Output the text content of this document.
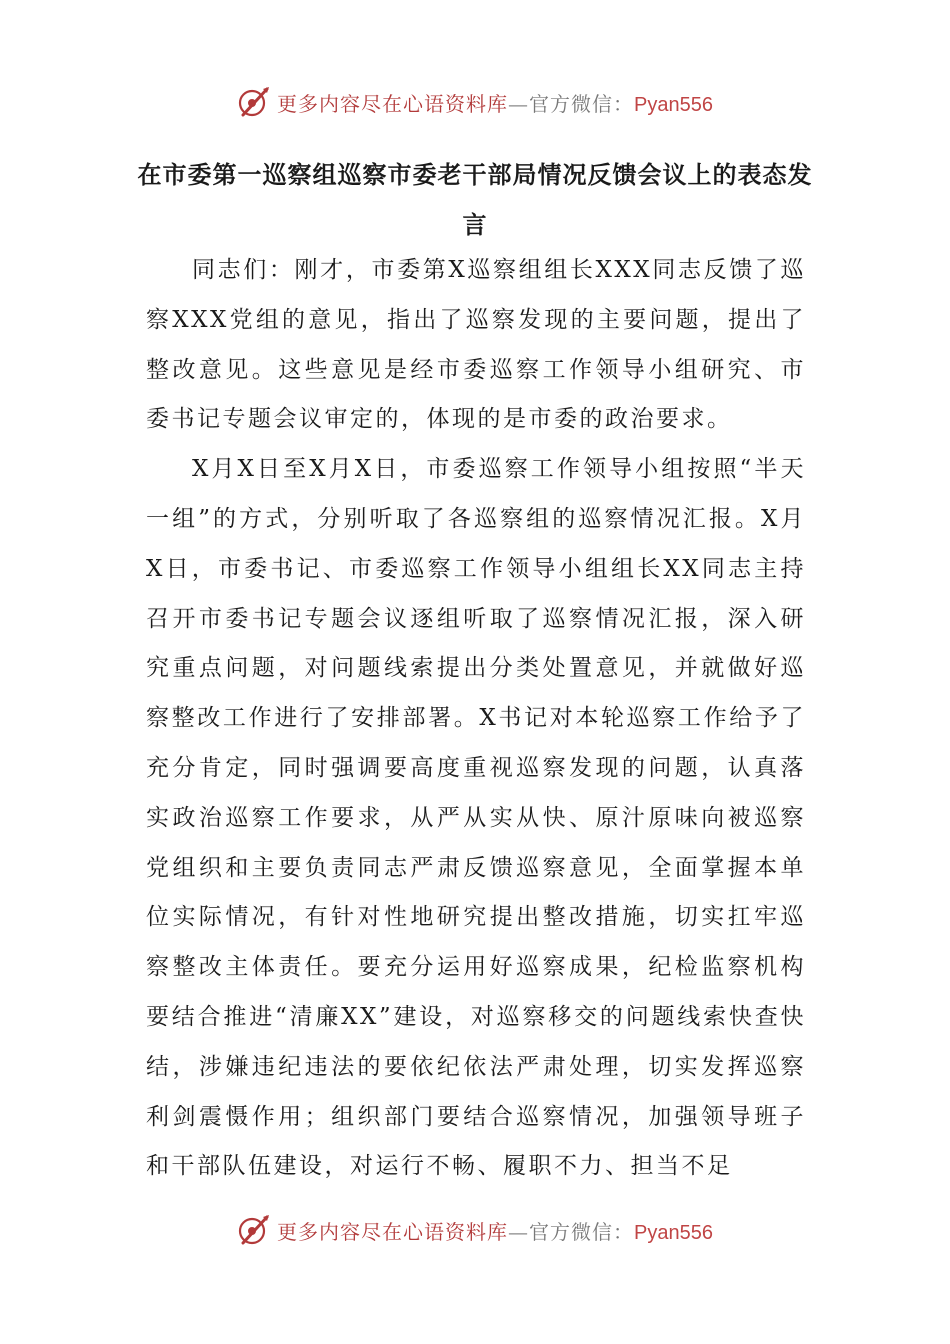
更多内容尽在心语资料库—官方微信：Pyan556
在市委第一巡察组巡察市委老干部局情况反馈会议上的表态发言

同志们：刚才，市委第X巡察组组长XXX同志反馈了巡察XXX党组的意见，指出了巡察发现的主要问题，提出了整改意见。这些意见是经市委巡察工作领导小组研究、市委书记专题会议审定的，体现的是市委的政治要求。

X月X日至X月X日，市委巡察工作领导小组按照“半天一组”的方式，分别听取了各巡察组的巡察情况汇报。X月X日，市委书记、市委巡察工作领导小组组长XX同志主持召开市委书记专题会议逐组听取了巡察情况汇报，深入研究重点问题，对问题线索提出分类处置意见，并就做好巡察整改工作进行了安排部署。X书记对本轮巡察工作给予了充分肯定，同时强调要高度重视巡察发现的问题，认真落实政治巡察工作要求，从严从实从快、原汁原味向被巡察党组织和主要负责同志严肃反馈巡察意见，全面掌握本单位实际情况，有针对性地研究提出整改措施，切实扛牢巡察整改主体责任。要充分运用好巡察成果，纪检监察机构要结合推进“清廉XX”建设，对巡察移交的问题线索快查快结，涉嫌违纪违法的要依纪依法严肃处理，切实发挥巡察利剑震慑作用；组织部门要结合巡察情况，加强领导班子和干部队伍建设，对运行不畅、履职不力、担当不足

更多内容尽在心语资料库—官方微信：Pyan556
